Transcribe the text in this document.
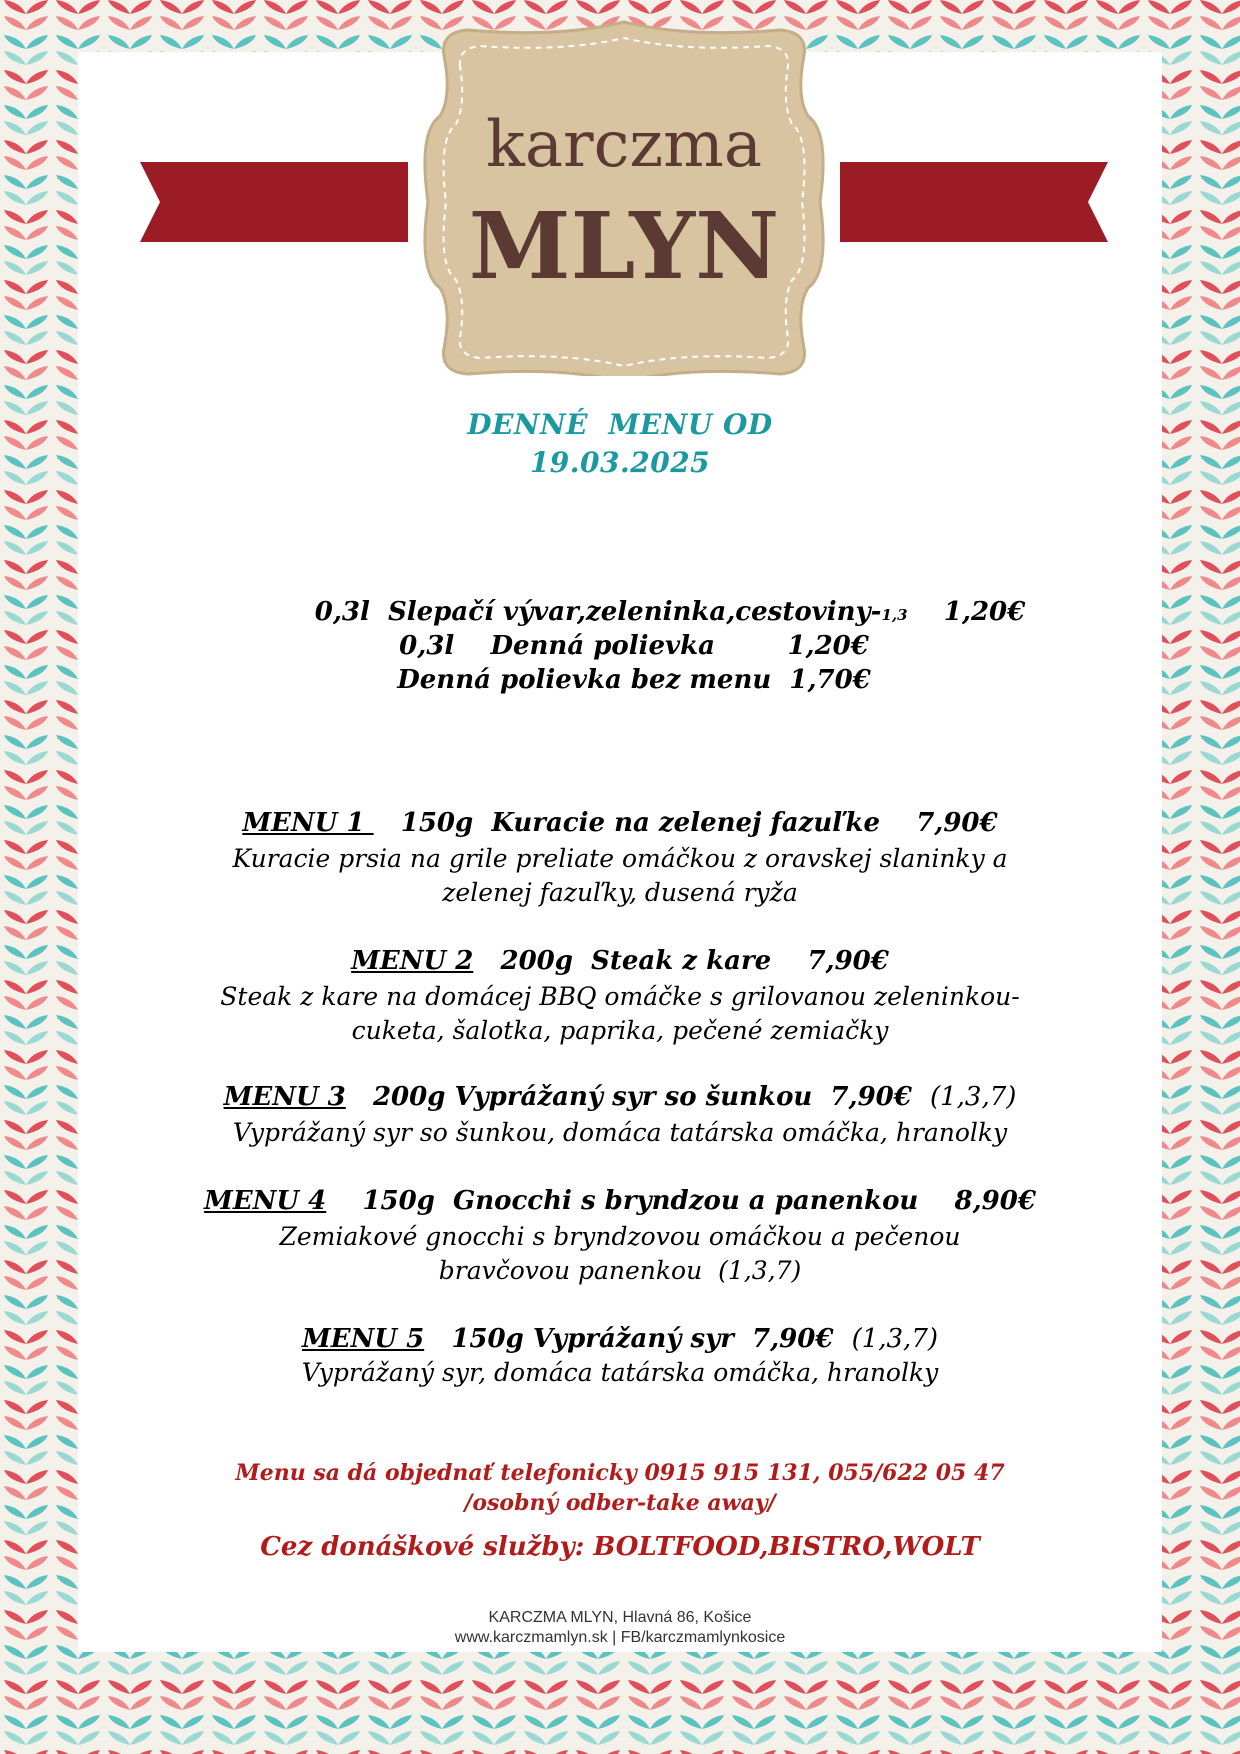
karczma
MLYN
DENNÉ  MENU OD
19.03.2025
0,3l  Slepačí vývar,zeleninka,cestoviny-1,3 1,20€
0,3l    Denná polievka	1,20€
Denná polievka bez menu 1,70€
MENU 1    150g Kuracie na zelenej fazuľke 7,90€
Kuracie prsia na grile preliate omáčkou z oravskej slaninky a
zelenej fazuľky, dusená ryža
MENU 2 200g Steak z kare 7,90€
Steak z kare na domácej BBQ omáčke s grilovanou zeleninkou-
cuketa, šalotka, paprika, pečené zemiačky
MENU 3 200g Vyprážaný syr so šunkou 7,90€ (1,3,7)
Vyprážaný syr so šunkou, domáca tatárska omáčka, hranolky
MENU 4 150g Gnocchi s bryndzou a panenkou 8,90€
Zemiakové gnocchi s bryndzovou omáčkou a pečenou
bravčovou panenkou  (1,3,7)
MENU 5 150g Vyprážaný syr 7,90€ (1,3,7)
Vyprážaný syr, domáca tatárska omáčka, hranolky
Menu sa dá objednať telefonicky 0915 915 131, 055/622 05 47
/osobný odber-take away/
Cez donáškové služby: BOLTFOOD,BISTRO,WOLT
KARCZMA MLYN, Hlavná 86, Košice
www.karczmamlyn.sk | FB/karczmamlynkosice
